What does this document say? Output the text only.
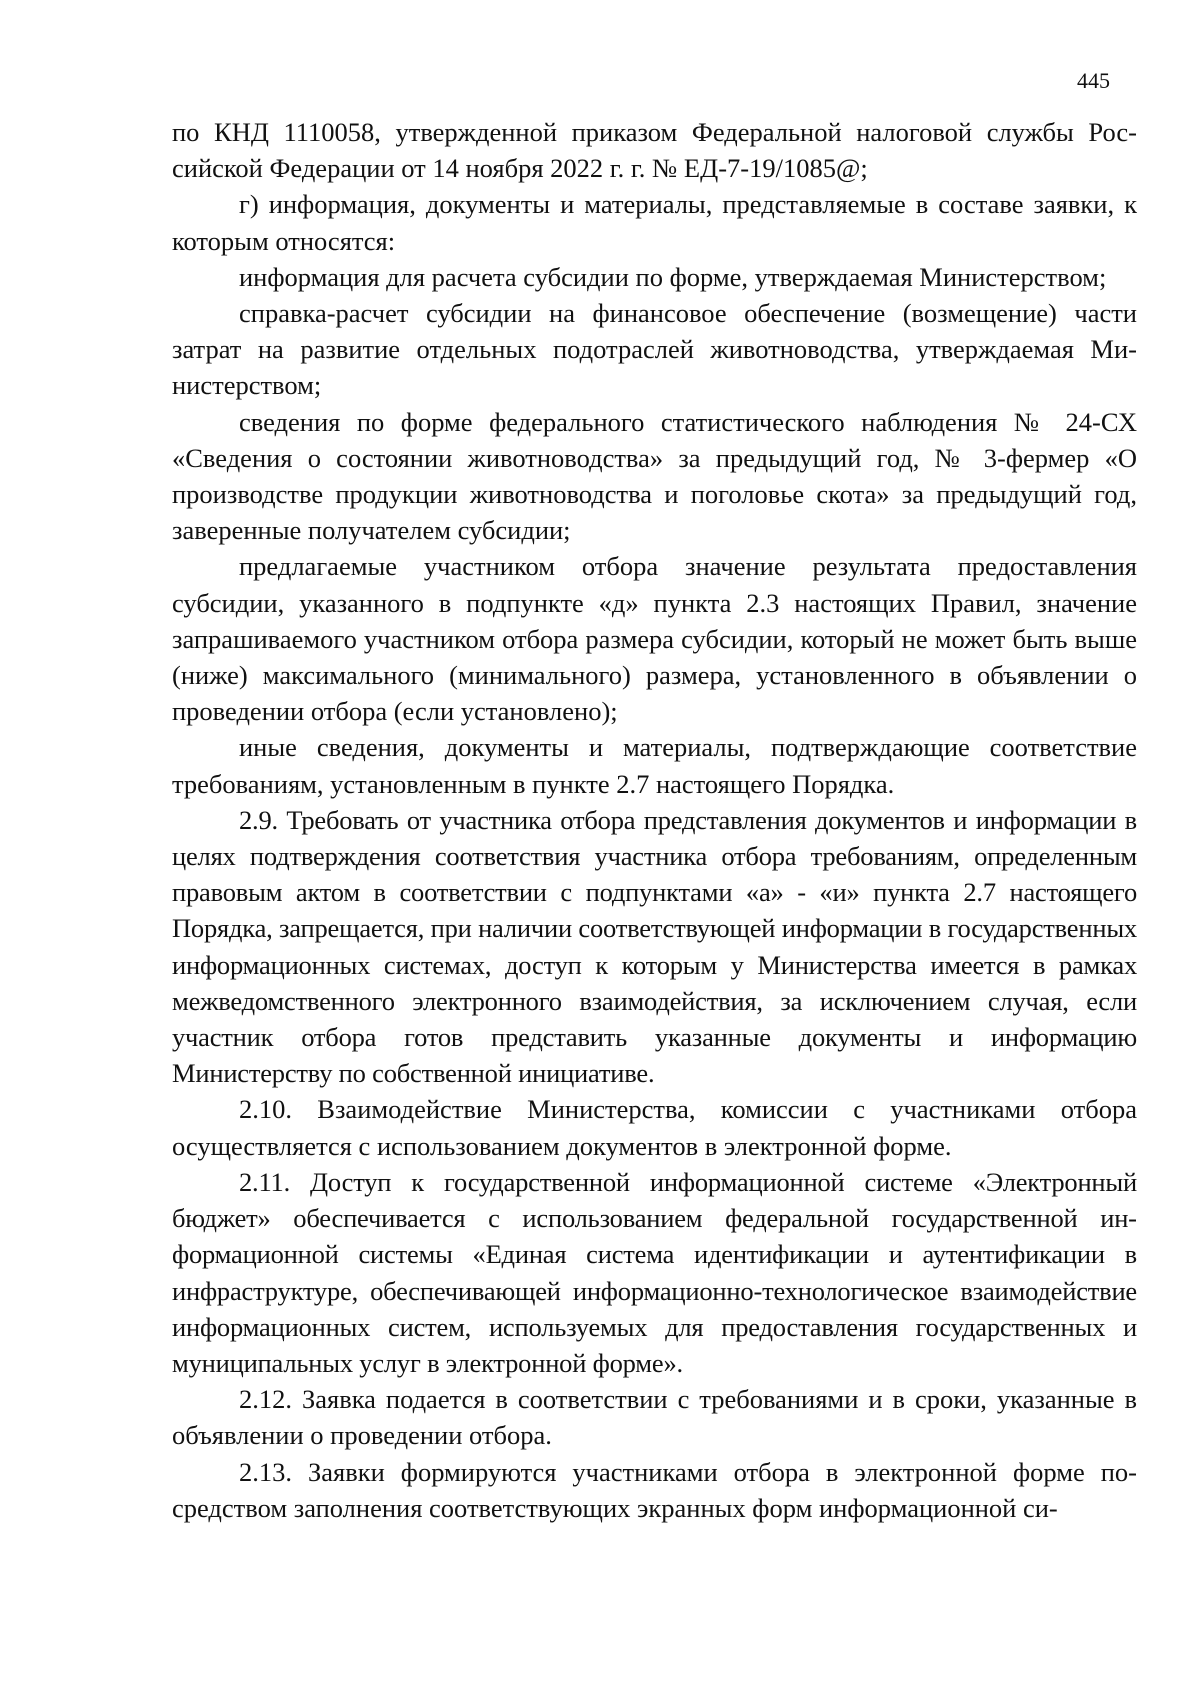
445

по КНД 1110058, утвержденной приказом Федеральной налоговой службы Российской Федерации от 14 ноября 2022 г. г. № ЕД-7-19/1085@;

г) информация, документы и материалы, представляемые в составе заявки, к которым относятся:

информация для расчета субсидии по форме, утверждаемая Министерством;

справка-расчет субсидии на финансовое обеспечение (возмещение) части затрат на развитие отдельных подотраслей животноводства, утверждаемая Министерством;

сведения по форме федерального статистического наблюдения № 24-СХ «Сведения о состоянии животноводства» за предыдущий год, № 3-фермер «О производстве продукции животноводства и поголовье скота» за предыдущий год, заверенные получателем субсидии;

предлагаемые участником отбора значение результата предоставления субсидии, указанного в подпункте «д» пункта 2.3 настоящих Правил, значение запрашиваемого участником отбора размера субсидии, который не может быть выше (ниже) максимального (минимального) размера, установленного в объявлении о проведении отбора (если установлено);

иные сведения, документы и материалы, подтверждающие соответствие требованиям, установленным в пункте 2.7 настоящего Порядка.

2.9. Требовать от участника отбора представления документов и информации в целях подтверждения соответствия участника отбора требованиям, определенным правовым актом в соответствии с подпунктами «а» - «и» пункта 2.7 настоящего Порядка, запрещается, при наличии соответствующей информации в государственных информационных системах, доступ к которым у Министерства имеется в рамках межведомственного электронного взаимодействия, за исключением случая, если участник отбора готов представить указанные документы и информацию Министерству по собственной инициативе.

2.10. Взаимодействие Министерства, комиссии с участниками отбора осуществляется с использованием документов в электронной форме.

2.11. Доступ к государственной информационной системе «Электронный бюджет» обеспечивается с использованием федеральной государственной информационной системы «Единая система идентификации и аутентификации в инфраструктуре, обеспечивающей информационно-технологическое взаимодействие информационных систем, используемых для предоставления государственных и муниципальных услуг в электронной форме».

2.12. Заявка подается в соответствии с требованиями и в сроки, указанные в объявлении о проведении отбора.

2.13. Заявки формируются участниками отбора в электронной форме посредством заполнения соответствующих экранных форм информационной си-
